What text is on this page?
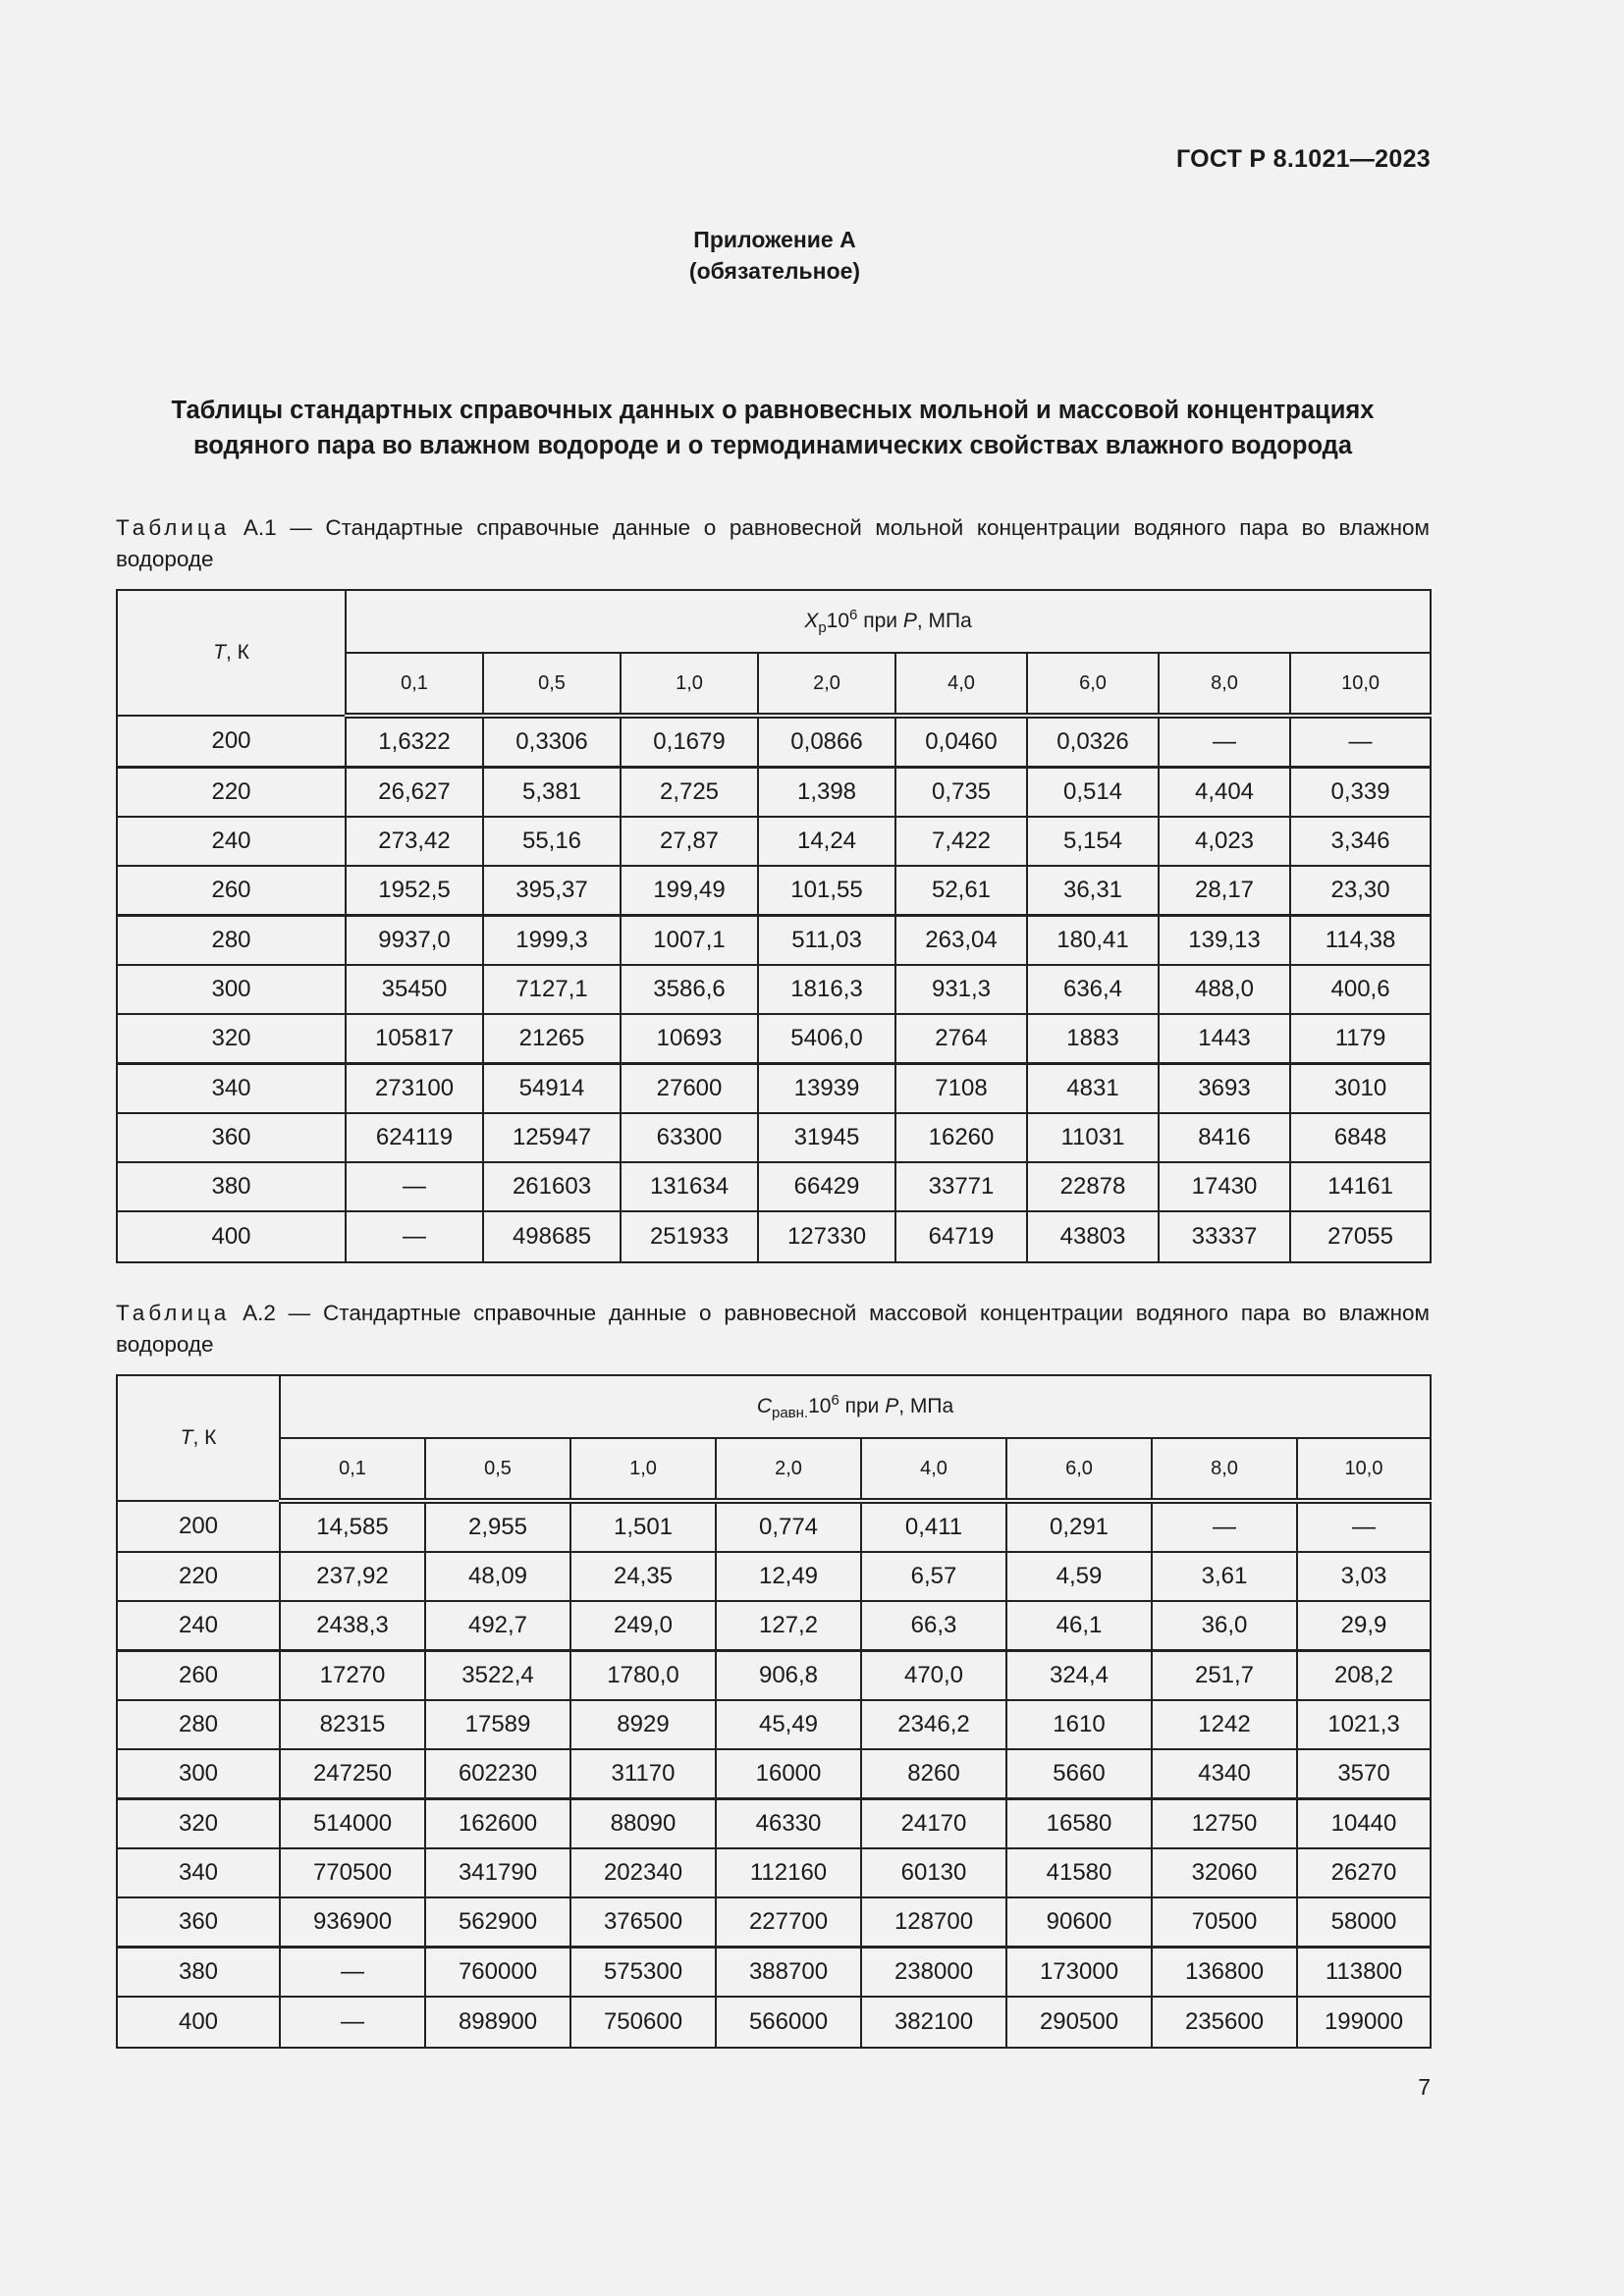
ГОСТ Р 8.1021—2023
Приложение А
(обязательное)
Таблицы стандартных справочных данных о равновесных мольной и массовой концентрациях
водяного пара во влажном водороде и о термодинамических свойствах влажного водорода
Таблица А.1 — Стандартные справочные данные о равновесной мольной концентрации водяного пара во влажном водороде
T, К	$X_p10^6$ при P, МПа							
	0,1	0,5	1,0	2,0	4,0	6,0	8,0	10,0
200	1,6322	0,3306	0,1679	0,0866	0,0460	0,0326	—	—
220	26,627	5,381	2,725	1,398	0,735	0,514	4,404	0,339
240	273,42	55,16	27,87	14,24	7,422	5,154	4,023	3,346
260	1952,5	395,37	199,49	101,55	52,61	36,31	28,17	23,30
280	9937,0	1999,3	1007,1	511,03	263,04	180,41	139,13	114,38
300	35450	7127,1	3586,6	1816,3	931,3	636,4	488,0	400,6
320	105817	21265	10693	5406,0	2764	1883	1443	1179
340	273100	54914	27600	13939	7108	4831	3693	3010
360	624119	125947	63300	31945	16260	11031	8416	6848
380	—	261603	131634	66429	33771	22878	17430	14161
400	—	498685	251933	127330	64719	43803	33337	27055
Таблица А.2 — Стандартные справочные данные о равновесной массовой концентрации водяного пара во влажном водороде
T, К	$C_{равн.}10^6$ при P, МПа							
	0,1	0,5	1,0	2,0	4,0	6,0	8,0	10,0
200	14,585	2,955	1,501	0,774	0,411	0,291	—	—
220	237,92	48,09	24,35	12,49	6,57	4,59	3,61	3,03
240	2438,3	492,7	249,0	127,2	66,3	46,1	36,0	29,9
260	17270	3522,4	1780,0	906,8	470,0	324,4	251,7	208,2
280	82315	17589	8929	45,49	2346,2	1610	1242	1021,3
300	247250	602230	31170	16000	8260	5660	4340	3570
320	514000	162600	88090	46330	24170	16580	12750	10440
340	770500	341790	202340	112160	60130	41580	32060	26270
360	936900	562900	376500	227700	128700	90600	70500	58000
380	—	760000	575300	388700	238000	173000	136800	113800
400	—	898900	750600	566000	382100	290500	235600	199000
7
